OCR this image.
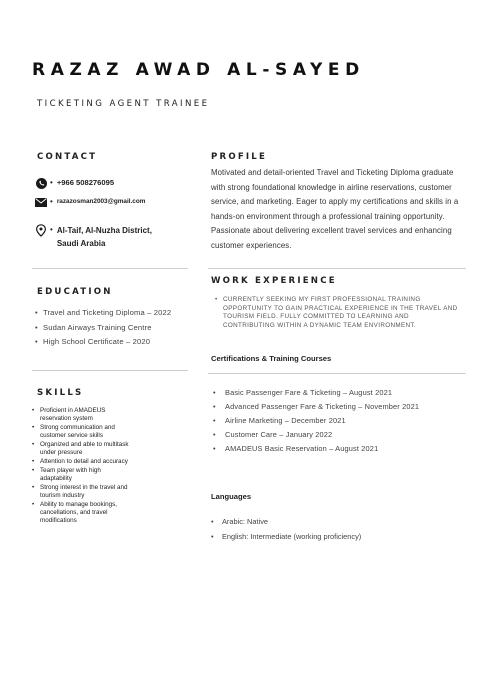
RAZAZ AWAD AL-SAYED
TICKETING AGENT TRAINEE
CONTACT
• +966 508276095
• razazosman2003@gmail.com
• Al-Taif, Al-Nuzha District, Saudi Arabia
EDUCATION
• Travel and Ticketing Diploma – 2022
• Sudan Airways Training Centre
• High School Certificate – 2020
SKILLS
• Proficient in AMADEUS reservation system
• Strong communication and customer service skills
• Organized and able to multitask under pressure
• Attention to detail and accuracy
• Team player with high adaptability
• Strong interest in the travel and tourism industry
• Ability to manage bookings, cancellations, and travel modifications
PROFILE

Motivated and detail-oriented Travel and Ticketing Diploma graduate with strong foundational knowledge in airline reservations, customer service, and marketing. Eager to apply my certifications and skills in a hands-on environment through a professional training opportunity. Passionate about delivering excellent travel services and enhancing customer experiences.

WORK EXPERIENCE
• CURRENTLY SEEKING MY FIRST PROFESSIONAL TRAINING OPPORTUNITY TO GAIN PRACTICAL EXPERIENCE IN THE TRAVEL AND TOURISM FIELD. FULLY COMMITTED TO LEARNING AND CONTRIBUTING WITHIN A DYNAMIC TEAM ENVIRONMENT.
Certifications & Training Courses
• Basic Passenger Fare & Ticketing – August 2021
• Advanced Passenger Fare & Ticketing – November 2021
• Airline Marketing – December 2021
• Customer Care – January 2022
• AMADEUS Basic Reservation – August 2021
Languages
• Arabic: Native
• English: Intermediate (working proficiency)
